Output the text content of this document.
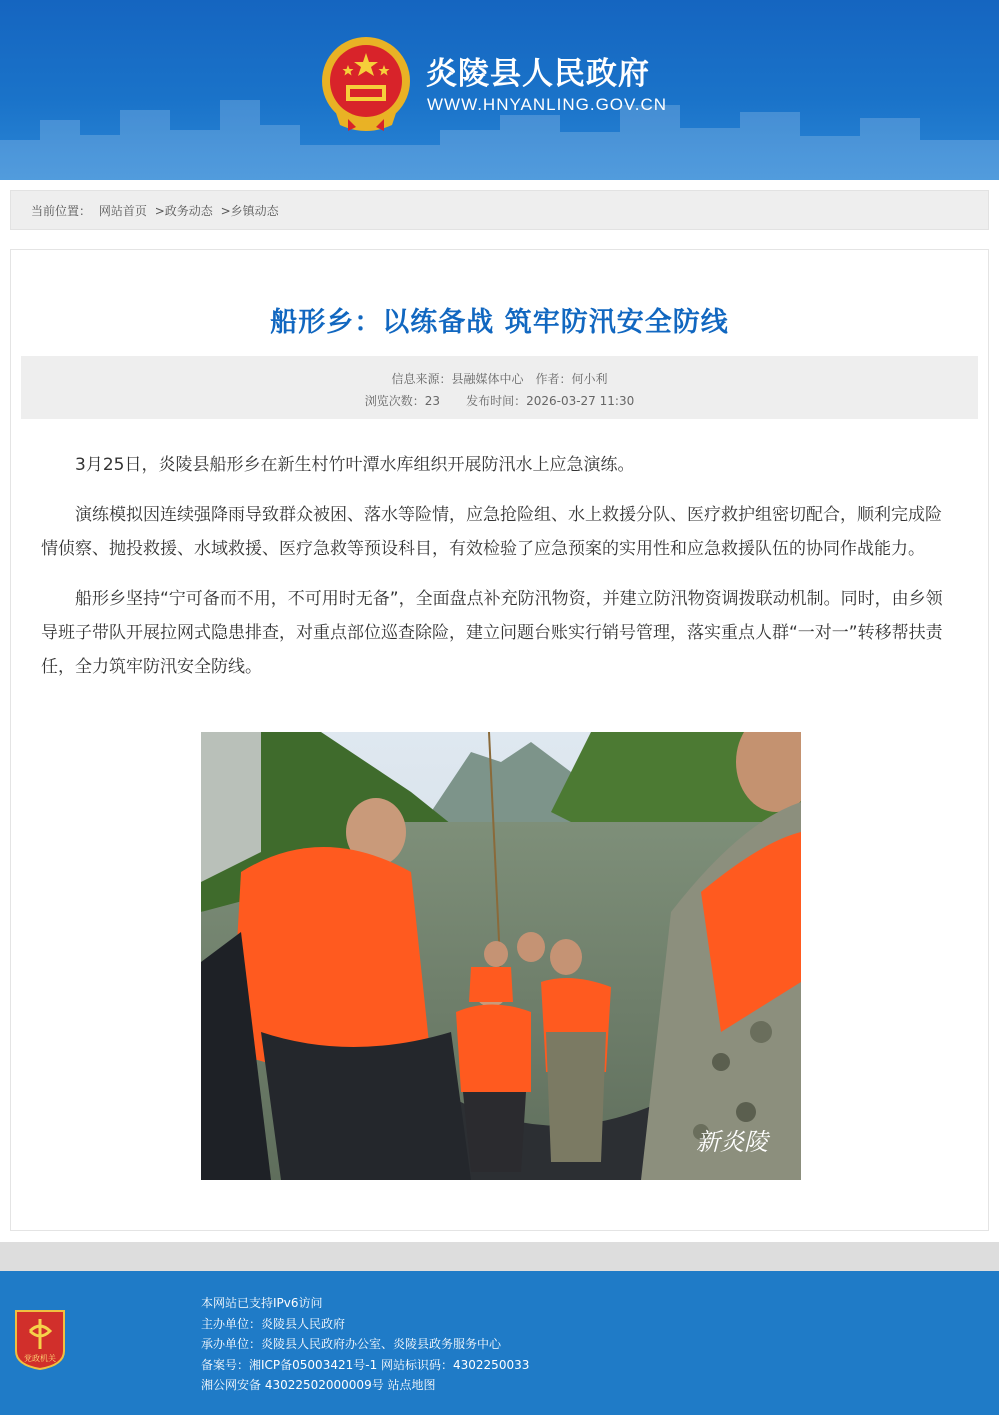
炎陵县人民政府
WWW.HNYANLING.GOV.CN
当前位置： 网站首页 >政务动态 >乡镇动态
船形乡：以练备战 筑牢防汛安全防线
信息来源：县融媒体中心 作者：何小利
浏览次数：23 发布时间：2026-03-27 11:30

3月25日，炎陵县船形乡在新生村竹叶潭水库组织开展防汛水上应急演练。

演练模拟因连续强降雨导致群众被困、落水等险情，应急抢险组、水上救援分队、医疗救护组密切配合，顺利完成险情侦察、抛投救援、水域救援、医疗急救等预设科目，有效检验了应急预案的实用性和应急救援队伍的协同作战能力。

船形乡坚持“宁可备而不用，不可用时无备”，全面盘点补充防汛物资，并建立防汛物资调拨联动机制。同时，由乡领导班子带队开展拉网式隐患排查，对重点部位巡查除险，建立问题台账实行销号管理，落实重点人群“一对一”转移帮扶责任，全力筑牢防汛安全防线。

新炎陵
党政机关
本网站已支持IPv6访问
主办单位：炎陵县人民政府
承办单位：炎陵县人民政府办公室、炎陵县政务服务中心
备案号：湘ICP备05003421号-1 网站标识码：4302250033
湘公网安备 43022502000009号 站点地图
